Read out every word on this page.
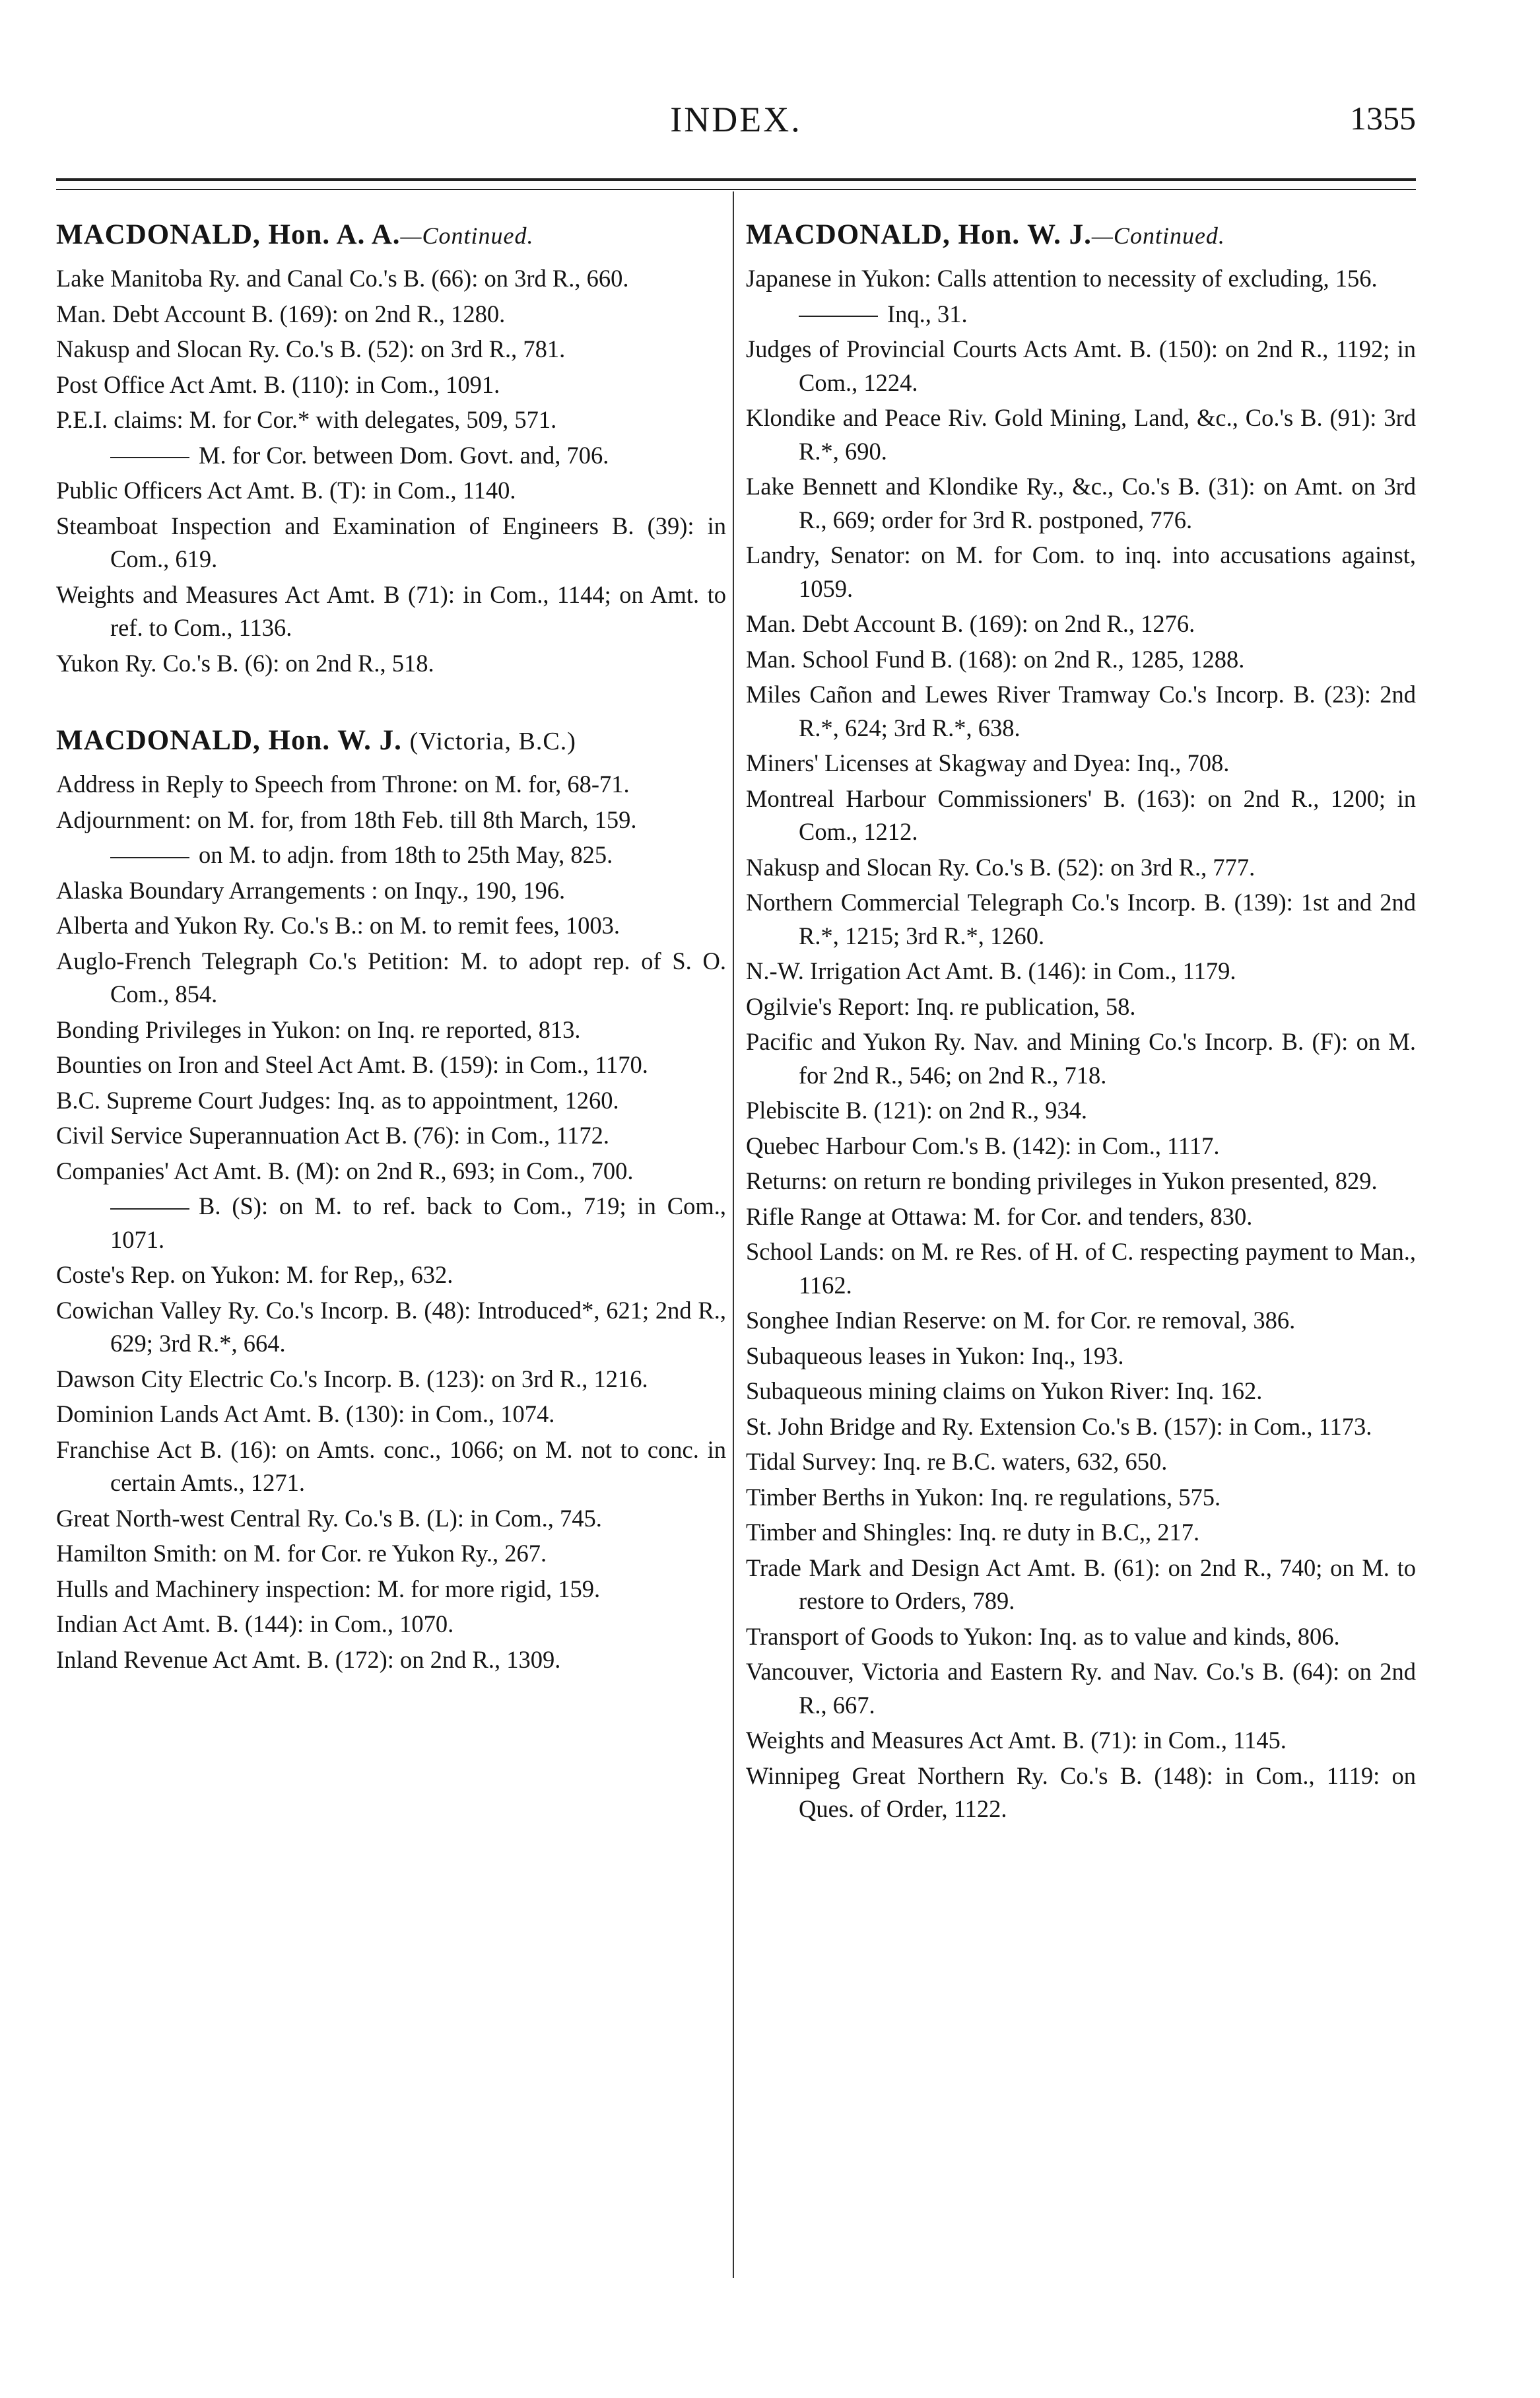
INDEX.	1355
MACDONALD, Hon. A. A.—Continued.
Lake Manitoba Ry. and Canal Co.'s B. (66): on 3rd R., 660.
Man. Debt Account B. (169): on 2nd R., 1280.
Nakusp and Slocan Ry. Co.'s B. (52): on 3rd R., 781.
Post Office Act Amt. B. (110): in Com., 1091.
P.E.I. claims: M. for Cor.* with delegates, 509, 571.
M. for Cor. between Dom. Govt. and, 706.
Public Officers Act Amt. B. (T): in Com., 1140.
Steamboat Inspection and Examination of Engineers B. (39): in Com., 619.
Weights and Measures Act Amt. B (71): in Com., 1144; on Amt. to ref. to Com., 1136.
Yukon Ry. Co.'s B. (6): on 2nd R., 518.
MACDONALD, Hon. W. J. (Victoria, B.C.)
Address in Reply to Speech from Throne: on M. for, 68-71.
Adjournment: on M. for, from 18th Feb. till 8th March, 159.
on M. to adjn. from 18th to 25th May, 825.
Alaska Boundary Arrangements : on Inqy., 190, 196.
Alberta and Yukon Ry. Co.'s B.: on M. to remit fees, 1003.
Auglo-French Telegraph Co.'s Petition: M. to adopt rep. of S. O. Com., 854.
Bonding Privileges in Yukon: on Inq. re reported, 813.
Bounties on Iron and Steel Act Amt. B. (159): in Com., 1170.
B.C. Supreme Court Judges: Inq. as to appointment, 1260.
Civil Service Superannuation Act B. (76): in Com., 1172.
Companies' Act Amt. B. (M): on 2nd R., 693; in Com., 700.
B. (S): on M. to ref. back to Com., 719; in Com., 1071.
Coste's Rep. on Yukon: M. for Rep,, 632.
Cowichan Valley Ry. Co.'s Incorp. B. (48): Introduced*, 621; 2nd R., 629; 3rd R.*, 664.
Dawson City Electric Co.'s Incorp. B. (123): on 3rd R., 1216.
Dominion Lands Act Amt. B. (130): in Com., 1074.
Franchise Act B. (16): on Amts. conc., 1066; on M. not to conc. in certain Amts., 1271.
Great North-west Central Ry. Co.'s B. (L): in Com., 745.
Hamilton Smith: on M. for Cor. re Yukon Ry., 267.
Hulls and Machinery inspection: M. for more rigid, 159.
Indian Act Amt. B. (144): in Com., 1070.
Inland Revenue Act Amt. B. (172): on 2nd R., 1309.
MACDONALD, Hon. W. J.—Continued.
Japanese in Yukon: Calls attention to necessity of excluding, 156.
Inq., 31.
Judges of Provincial Courts Acts Amt. B. (150): on 2nd R., 1192; in Com., 1224.
Klondike and Peace Riv. Gold Mining, Land, &c., Co.'s B. (91): 3rd R.*, 690.
Lake Bennett and Klondike Ry., &c., Co.'s B. (31): on Amt. on 3rd R., 669; order for 3rd R. postponed, 776.
Landry, Senator: on M. for Com. to inq. into accusations against, 1059.
Man. Debt Account B. (169): on 2nd R., 1276.
Man. School Fund B. (168): on 2nd R., 1285, 1288.
Miles Cañon and Lewes River Tramway Co.'s Incorp. B. (23): 2nd R.*, 624; 3rd R.*, 638.
Miners' Licenses at Skagway and Dyea: Inq., 708.
Montreal Harbour Commissioners' B. (163): on 2nd R., 1200; in Com., 1212.
Nakusp and Slocan Ry. Co.'s B. (52): on 3rd R., 777.
Northern Commercial Telegraph Co.'s Incorp. B. (139): 1st and 2nd R.*, 1215; 3rd R.*, 1260.
N.-W. Irrigation Act Amt. B. (146): in Com., 1179.
Ogilvie's Report: Inq. re publication, 58.
Pacific and Yukon Ry. Nav. and Mining Co.'s Incorp. B. (F): on M. for 2nd R., 546; on 2nd R., 718.
Plebiscite B. (121): on 2nd R., 934.
Quebec Harbour Com.'s B. (142): in Com., 1117.
Returns: on return re bonding privileges in Yukon presented, 829.
Rifle Range at Ottawa: M. for Cor. and tenders, 830.
School Lands: on M. re Res. of H. of C. respecting payment to Man., 1162.
Songhee Indian Reserve: on M. for Cor. re removal, 386.
Subaqueous leases in Yukon: Inq., 193.
Subaqueous mining claims on Yukon River: Inq. 162.
St. John Bridge and Ry. Extension Co.'s B. (157): in Com., 1173.
Tidal Survey: Inq. re B.C. waters, 632, 650.
Timber Berths in Yukon: Inq. re regulations, 575.
Timber and Shingles: Inq. re duty in B.C,, 217.
Trade Mark and Design Act Amt. B. (61): on 2nd R., 740; on M. to restore to Orders, 789.
Transport of Goods to Yukon: Inq. as to value and kinds, 806.
Vancouver, Victoria and Eastern Ry. and Nav. Co.'s B. (64): on 2nd R., 667.
Weights and Measures Act Amt. B. (71): in Com., 1145.
Winnipeg Great Northern Ry. Co.'s B. (148): in Com., 1119: on Ques. of Order, 1122.
